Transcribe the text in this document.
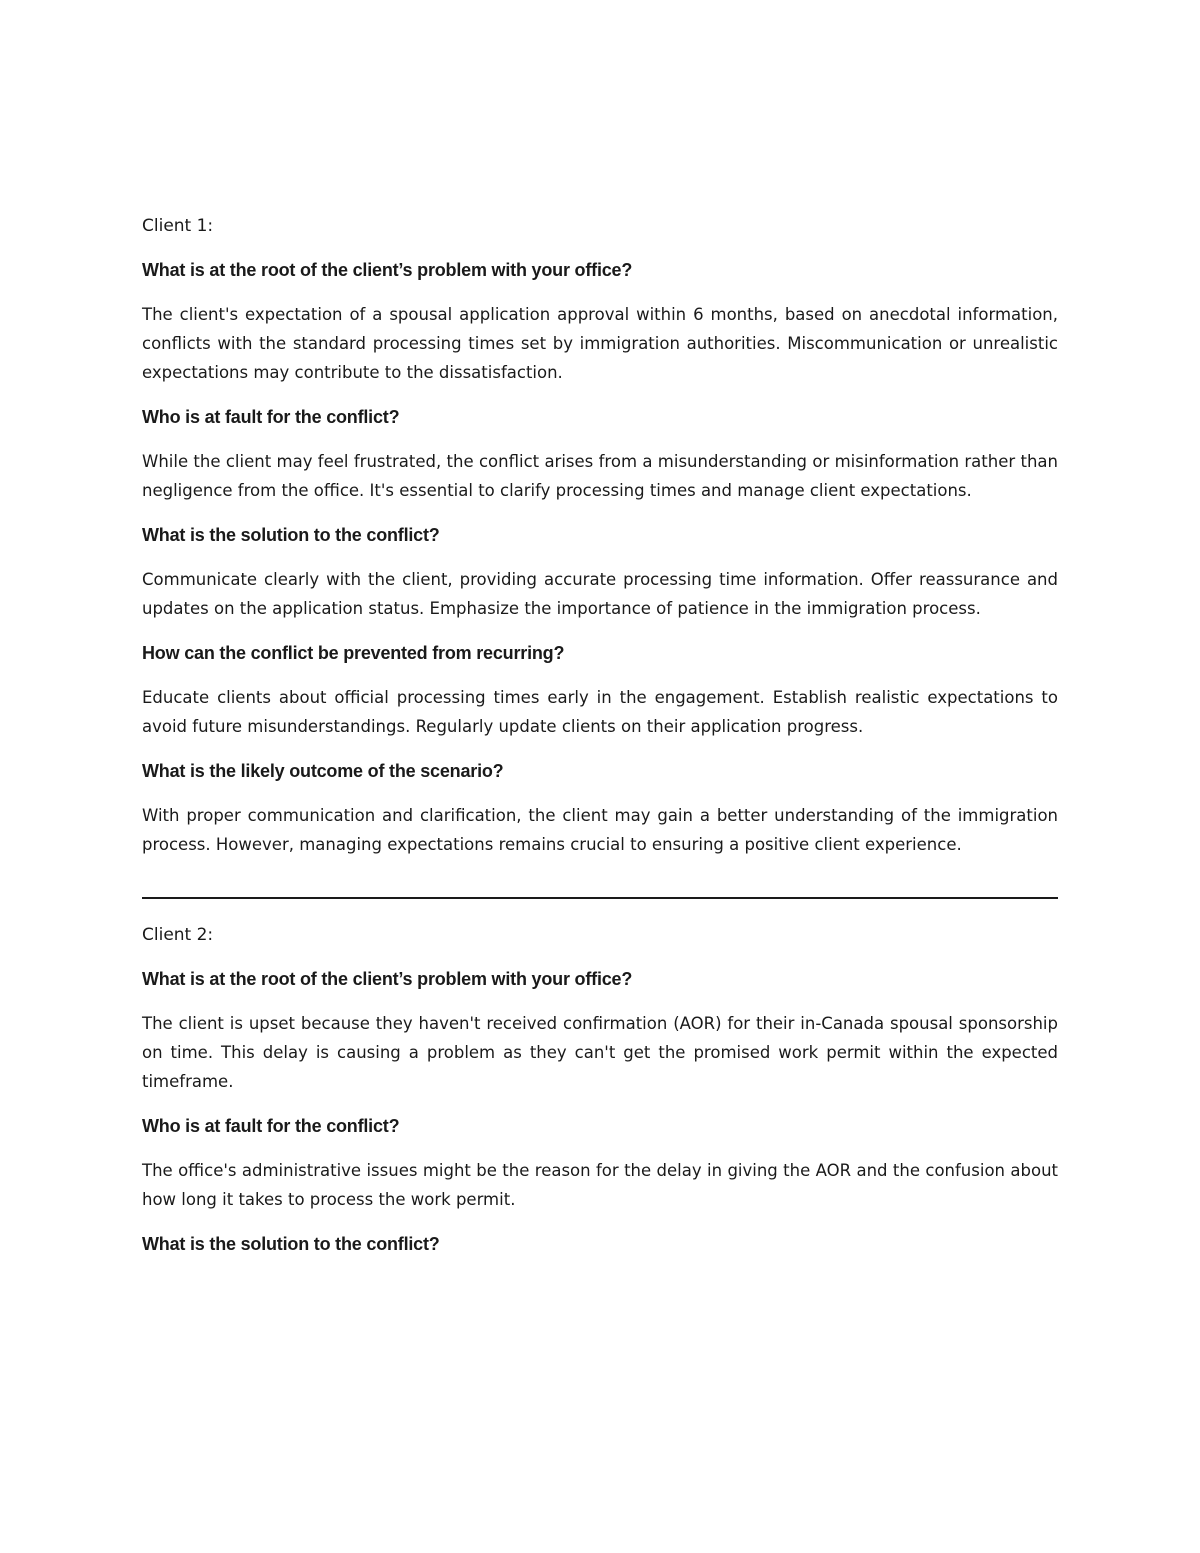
Client 1:

What is at the root of the client’s problem with your office?

The client's expectation of a spousal application approval within 6 months, based on anecdotal information, conflicts with the standard processing times set by immigration authorities. Miscommunication or unrealistic expectations may contribute to the dissatisfaction.

Who is at fault for the conflict?

While the client may feel frustrated, the conflict arises from a misunderstanding or misinformation rather than negligence from the office. It's essential to clarify processing times and manage client expectations.

What is the solution to the conflict?

Communicate clearly with the client, providing accurate processing time information. Offer reassurance and updates on the application status. Emphasize the importance of patience in the immigration process.

How can the conflict be prevented from recurring?

Educate clients about official processing times early in the engagement. Establish realistic expectations to avoid future misunderstandings. Regularly update clients on their application progress.

What is the likely outcome of the scenario?

With proper communication and clarification, the client may gain a better understanding of the immigration process. However, managing expectations remains crucial to ensuring a positive client experience.

Client 2:

What is at the root of the client’s problem with your office?

The client is upset because they haven't received confirmation (AOR) for their in-Canada spousal sponsorship on time. This delay is causing a problem as they can't get the promised work permit within the expected timeframe.

Who is at fault for the conflict?

The office's administrative issues might be the reason for the delay in giving the AOR and the confusion about how long it takes to process the work permit.

What is the solution to the conflict?
